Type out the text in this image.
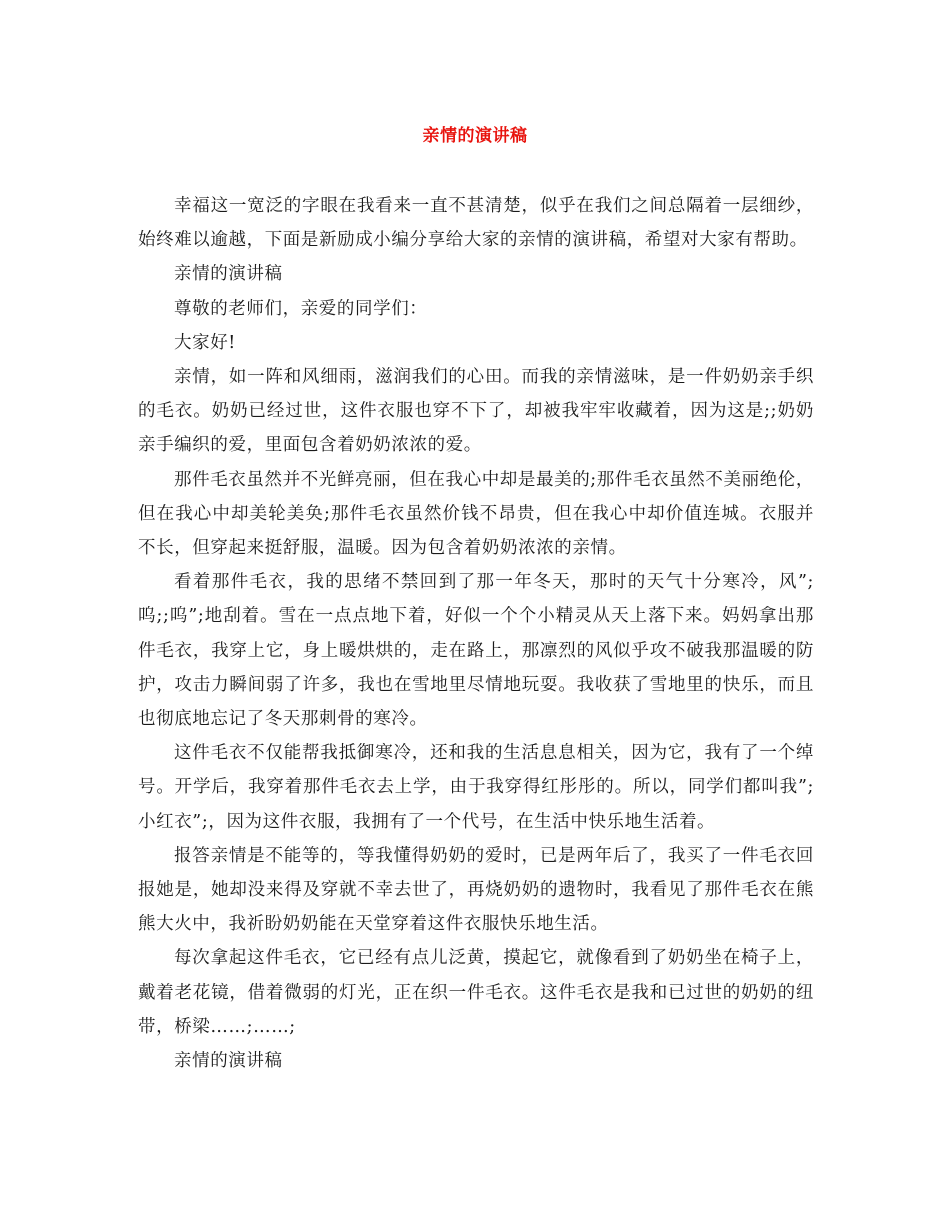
亲情的演讲稿

幸福这一宽泛的字眼在我看来一直不甚清楚，似乎在我们之间总隔着一层细纱，始终难以逾越，下面是新励成小编分享给大家的亲情的演讲稿，希望对大家有帮助。

亲情的演讲稿

尊敬的老师们，亲爱的同学们：

大家好!

亲情，如一阵和风细雨，滋润我们的心田。而我的亲情滋味，是一件奶奶亲手织的毛衣。奶奶已经过世，这件衣服也穿不下了，却被我牢牢收藏着，因为这是;;奶奶亲手编织的爱，里面包含着奶奶浓浓的爱。

那件毛衣虽然并不光鲜亮丽，但在我心中却是最美的;那件毛衣虽然不美丽绝伦，但在我心中却美轮美奂;那件毛衣虽然价钱不昂贵，但在我心中却价值连城。衣服并不长，但穿起来挺舒服，温暖。因为包含着奶奶浓浓的亲情。

看着那件毛衣，我的思绪不禁回到了那一年冬天，那时的天气十分寒冷，风”;呜;;呜”;地刮着。雪在一点点地下着，好似一个个小精灵从天上落下来。妈妈拿出那件毛衣，我穿上它，身上暖烘烘的，走在路上，那凛烈的风似乎攻不破我那温暖的防护，攻击力瞬间弱了许多，我也在雪地里尽情地玩耍。我收获了雪地里的快乐，而且也彻底地忘记了冬天那刺骨的寒冷。

这件毛衣不仅能帮我抵御寒冷，还和我的生活息息相关，因为它，我有了一个绰号。开学后，我穿着那件毛衣去上学，由于我穿得红彤彤的。所以，同学们都叫我”;小红衣”;，因为这件衣服，我拥有了一个代号，在生活中快乐地生活着。

报答亲情是不能等的，等我懂得奶奶的爱时，已是两年后了，我买了一件毛衣回报她是，她却没来得及穿就不幸去世了，再烧奶奶的遗物时，我看见了那件毛衣在熊熊大火中，我祈盼奶奶能在天堂穿着这件衣服快乐地生活。

每次拿起这件毛衣，它已经有点儿泛黄，摸起它，就像看到了奶奶坐在椅子上，戴着老花镜，借着微弱的灯光，正在织一件毛衣。这件毛衣是我和已过世的奶奶的纽带，桥梁……;……;

亲情的演讲稿
